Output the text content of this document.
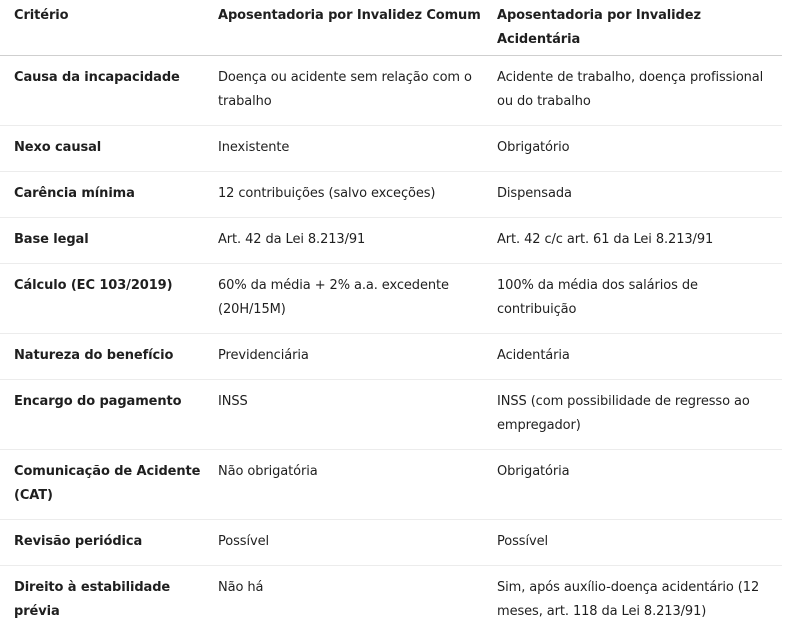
Critério	Aposentadoria por Invalidez Comum	Aposentadoria por Invalidez Acidentária
Causa da incapacidade	Doença ou acidente sem relação com o trabalho	Acidente de trabalho, doença profissional ou do trabalho
Nexo causal	Inexistente	Obrigatório
Carência mínima	12 contribuições (salvo exceções)	Dispensada
Base legal	Art. 42 da Lei 8.213/91	Art. 42 c/c art. 61 da Lei 8.213/91
Cálculo (EC 103/2019)	60% da média + 2% a.a. excedente (20H/15M)	100% da média dos salários de contribuição
Natureza do benefício	Previdenciária	Acidentária
Encargo do pagamento	INSS	INSS (com possibilidade de regresso ao empregador)
Comunicação de Acidente (CAT)	Não obrigatória	Obrigatória
Revisão periódica	Possível	Possível
Direito à estabilidade prévia	Não há	Sim, após auxílio-doença acidentário (12 meses, art. 118 da Lei 8.213/91)
